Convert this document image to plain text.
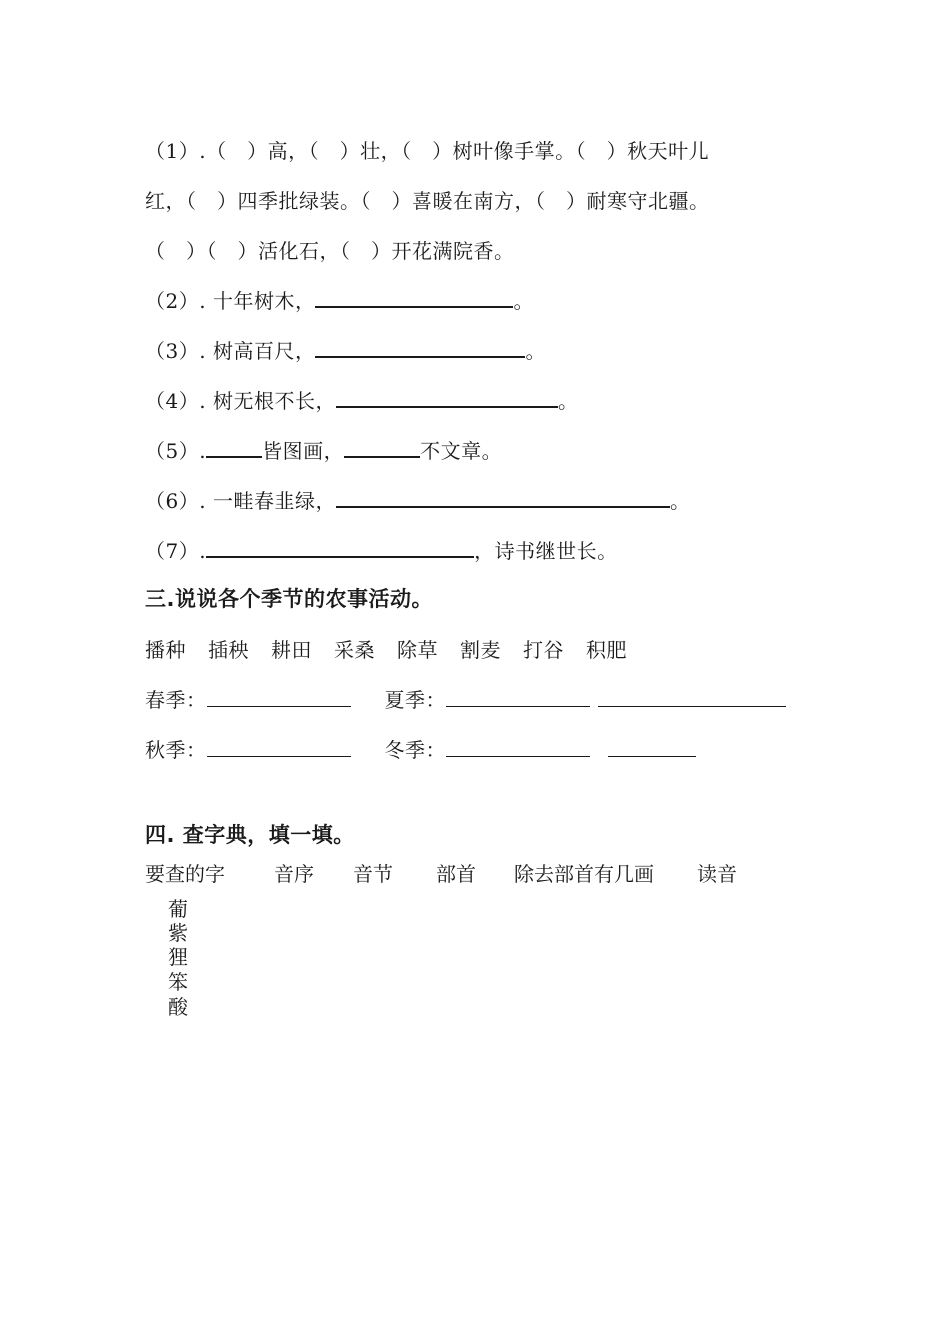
（1）.（　）高，（　）壮，（　）树叶像手掌。（　）秋天叶儿
红，（　）四季批绿装。（　）喜暖在南方，（　）耐寒守北疆。
（　）（　）活化石，（　）开花满院香。
（2）. 十年树木，	。
（3）. 树高百尺，	。
（4）. 树无根不长，	。
（5）.	皆图画，	不文章。
（6）. 一畦春韭绿，	。
（7）.	，诗书继世长。
三.说说各个季节的农事活动。
播种 插秧 耕田 采桑 除草 割麦 打谷 积肥
春季：	夏季：
秋季：	冬季：
四. 查字典，填一填。
要查的字 音序 音节 部首 除去部首有几画 读音
葡
紫
狸
笨
酸
